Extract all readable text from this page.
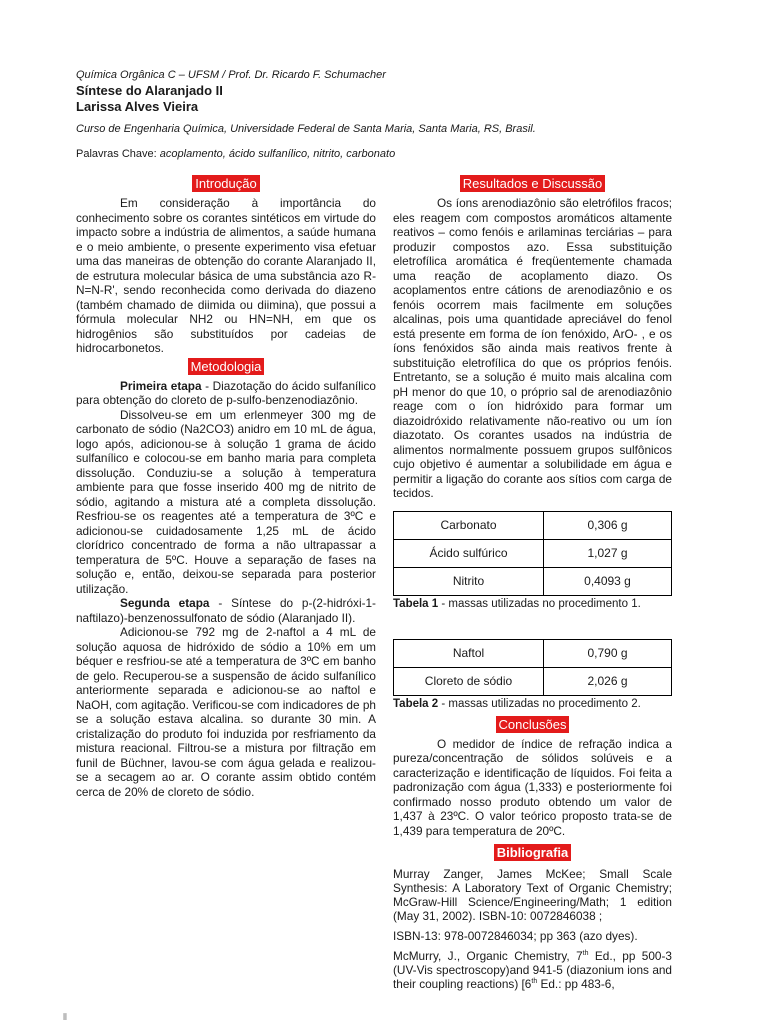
Química Orgânica C – UFSM / Prof. Dr. Ricardo F. Schumacher
Síntese do Alaranjado II
Larissa Alves Vieira
Curso de Engenharia Química, Universidade Federal de Santa Maria, Santa Maria, RS, Brasil.
Palavras Chave: acoplamento, ácido sulfanílico, nitrito, carbonato
Introdução

Em consideração à importância do conhecimento sobre os corantes sintéticos em virtude do impacto sobre a indústria de alimentos, a saúde humana e o meio ambiente, o presente experimento visa efetuar uma das maneiras de obtenção do corante Alaranjado II, de estrutura molecular básica de uma substância azo R-N=N-R', sendo reconhecida como derivada do diazeno (também chamado de diimida ou diimina), que possui a fórmula molecular NH2 ou HN=NH, em que os hidrogênios são substituídos por cadeias de hidrocarbonetos.

Metodologia

Primeira etapa - Diazotação do ácido sulfanílico para obtenção do cloreto de p-sulfo-benzenodiazônio.

Dissolveu-se em um erlenmeyer 300 mg de carbonato de sódio (Na2CO3) anidro em 10 mL de água, logo após, adicionou-se à solução 1 grama de ácido sulfanílico e colocou-se em banho maria para completa dissolução. Conduziu-se a solução à temperatura ambiente para que fosse inserido 400 mg de nitrito de sódio, agitando a mistura até a completa dissolução. Resfriou-se os reagentes até a temperatura de 3ºC e adicionou-se cuidadosamente 1,25 mL de ácido clorídrico concentrado de forma a não ultrapassar a temperatura de 5ºC. Houve a separação de fases na solução e, então, deixou-se separada para posterior utilização.

Segunda etapa - Síntese do p-(2-hidróxi-1-naftilazo)-benzenossulfonato de sódio (Alaranjado II).

Adicionou-se 792 mg de 2-naftol a 4 mL de solução aquosa de hidróxido de sódio a 10% em um béquer e resfriou-se até a temperatura de 3ºC em banho de gelo. Recuperou-se a suspensão de ácido sulfanílico anteriormente separada e adicionou-se ao naftol e NaOH, com agitação. Verificou-se com indicadores de ph se a solução estava alcalina. so durante 30 min. A cristalização do produto foi induzida por resfriamento da mistura reacional. Filtrou-se a mistura por filtração em funil de Büchner, lavou-se com água gelada e realizou-se a secagem ao ar. O corante assim obtido contém cerca de 20% de cloreto de sódio.

Resultados e Discussão

Os íons arenodiazônio são eletrófilos fracos; eles reagem com compostos aromáticos altamente reativos – como fenóis e arilaminas terciárias – para produzir compostos azo. Essa substituição eletrofílica aromática é freqüentemente chamada uma reação de acoplamento diazo. Os acoplamentos entre cátions de arenodiazônio e os fenóis ocorrem mais facilmente em soluções alcalinas, pois uma quantidade apreciável do fenol está presente em forma de íon fenóxido, ArO- , e os íons fenóxidos são ainda mais reativos frente à substituição eletrofílica do que os próprios fenóis. Entretanto, se a solução é muito mais alcalina com pH menor do que 10, o próprio sal de arenodiazônio reage com o íon hidróxido para formar um diazoidróxido relativamente não-reativo ou um íon diazotato. Os corantes usados na indústria de alimentos normalmente possuem grupos sulfônicos cujo objetivo é aumentar a solubilidade em água e permitir a ligação do corante aos sítios com carga de tecidos.

Carbonato	0,306 g
Ácido sulfúrico	1,027 g
Nitrito	0,4093 g
Tabela 1 - massas utilizadas no procedimento 1.
Naftol	0,790 g
Cloreto de sódio	2,026 g
Tabela 2 - massas utilizadas no procedimento 2.
Conclusões

O medidor de índice de refração indica a pureza/concentração de sólidos solúveis e a caracterização e identificação de líquidos. Foi feita a padronização com água (1,333) e posteriormente foi confirmado nosso produto obtendo um valor de 1,437 à 23ºC. O valor teórico proposto trata-se de 1,439 para temperatura de 20ºC.

Bibliografia

Murray Zanger, James McKee; Small Scale Synthesis: A Laboratory Text of Organic Chemistry; McGraw-Hill Science/Engineering/Math; 1 edition (May 31, 2002). ISBN-10: 0072846038 ;

ISBN-13: 978-0072846034; pp 363 (azo dyes).

McMurry, J., Organic Chemistry, 7th Ed., pp 500-3 (UV-Vis spectroscopy)and 941-5 (diazonium ions and their coupling reactions) [6th Ed.: pp 483-6,

⦀
